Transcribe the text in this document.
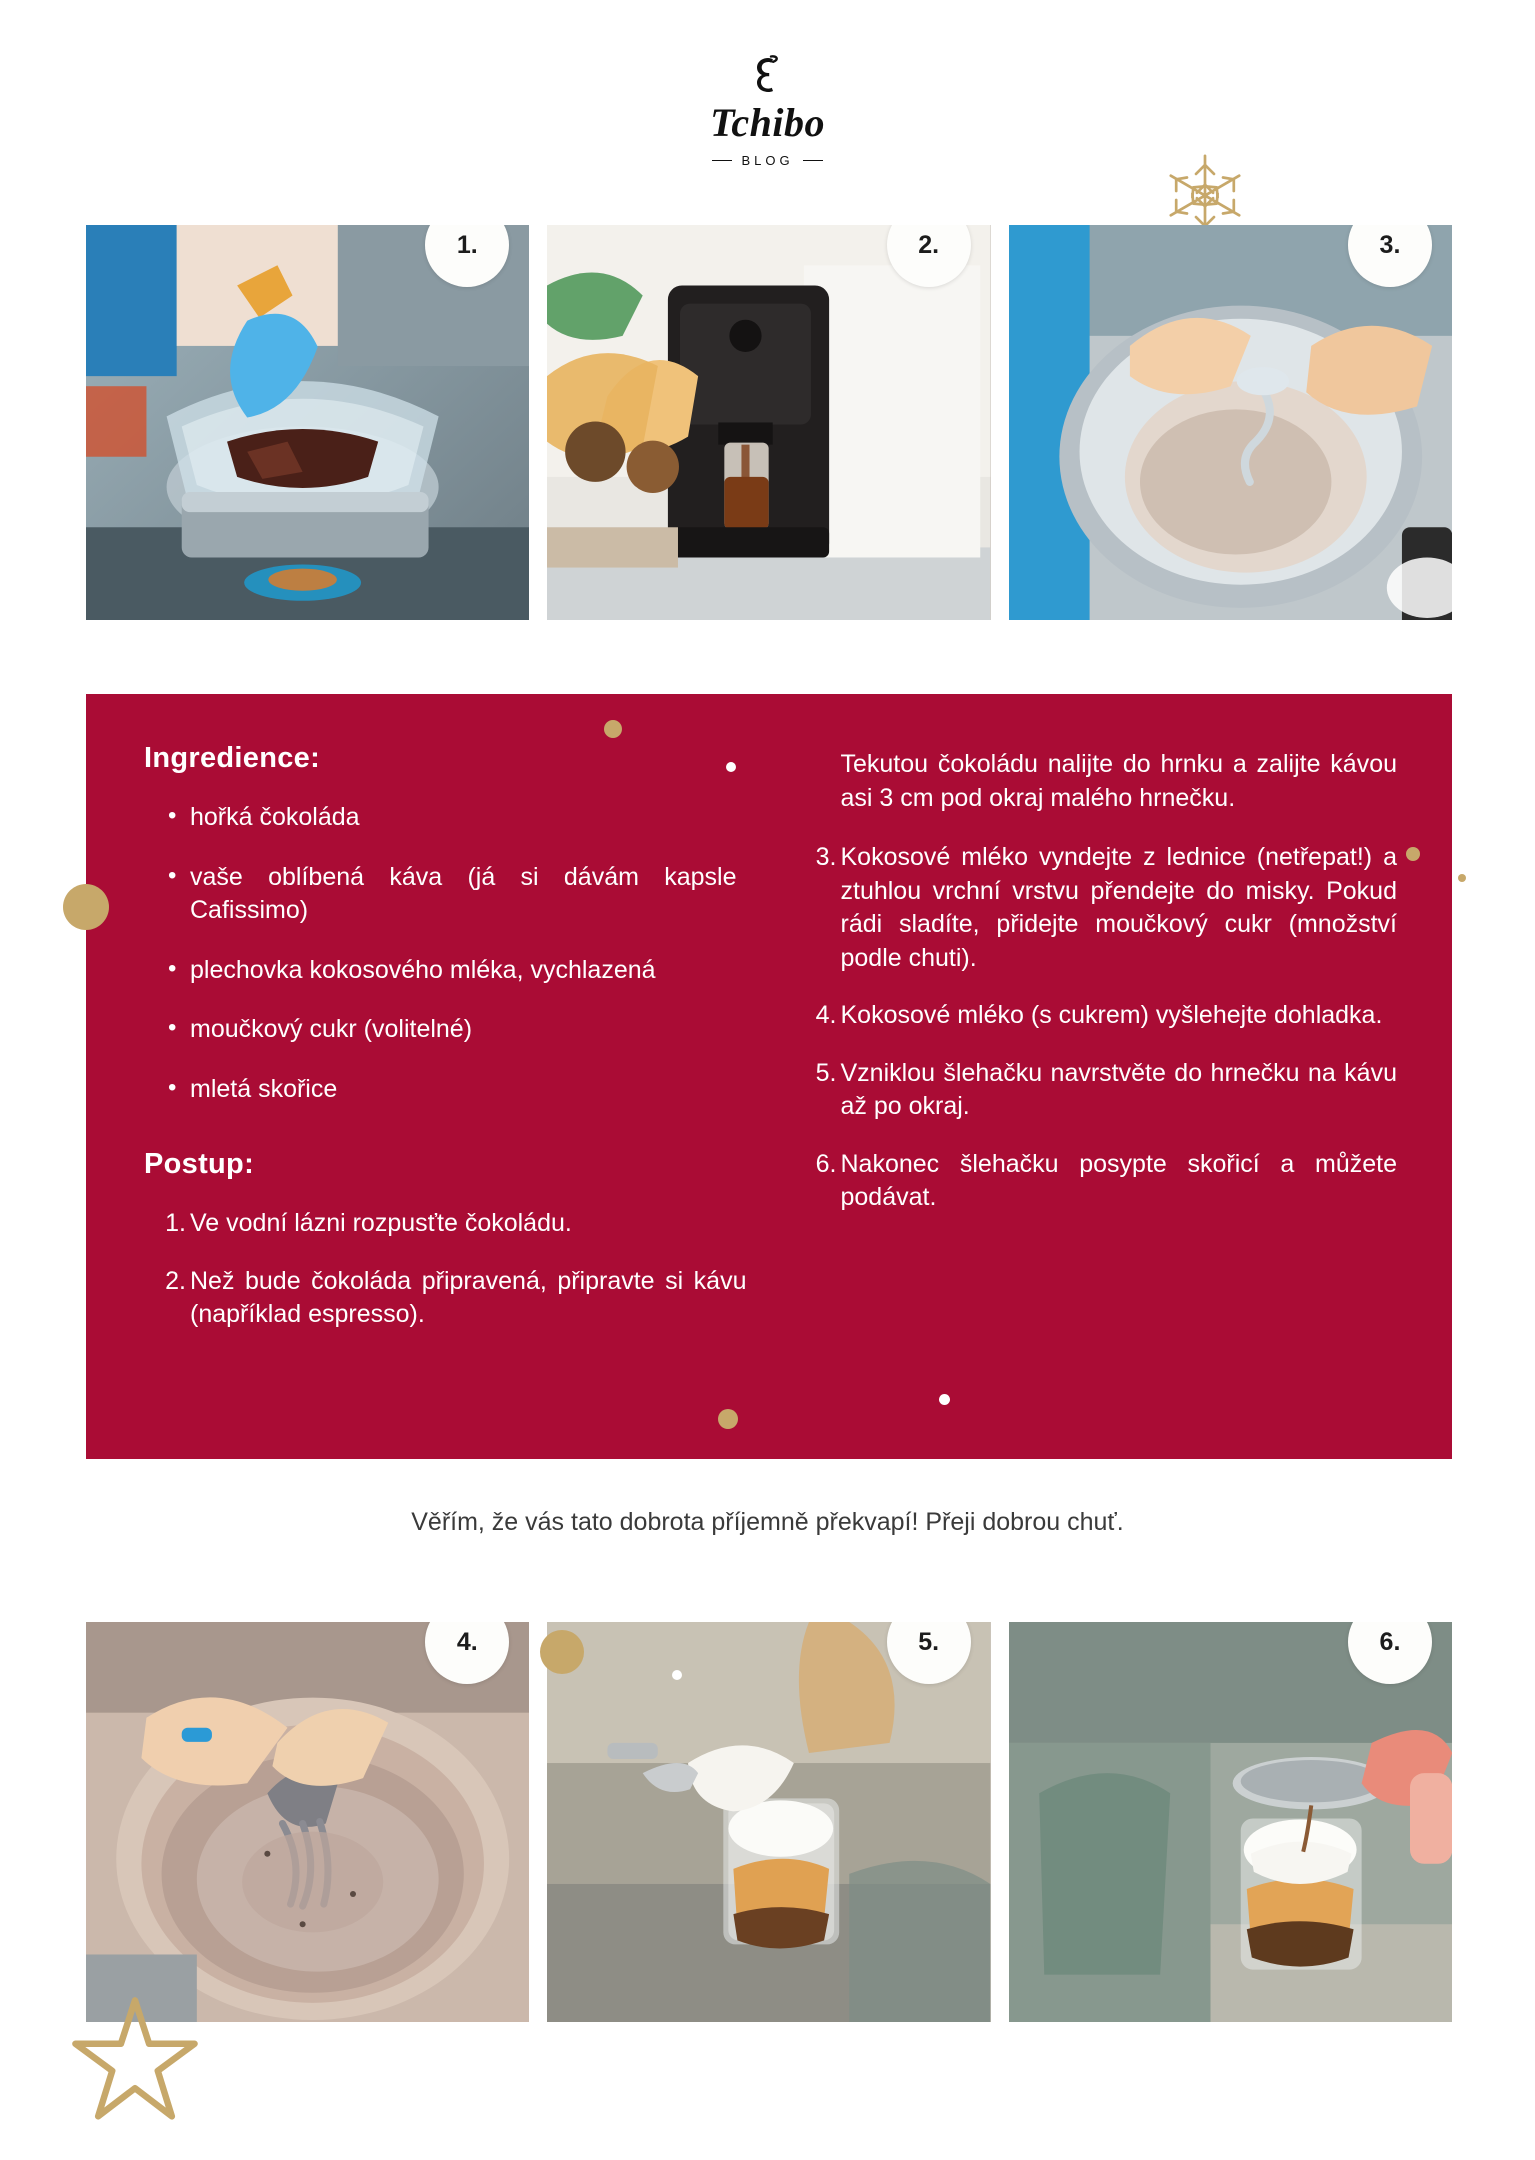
Tchibo
BLOG
1.	2.	3.
Ingredience:
• hořká čokoláda
• vaše oblíbená káva (já si dávám kapsle Cafissimo)
• plechovka kokosového mléka, vychlazená
• moučkový cukr (volitelné)
• mletá skořice
Postup:
Ve vodní lázni rozpusťte čokoládu.
Než bude čokoláda připravená, připravte si kávu (například espresso).

Tekutou čokoládu nalijte do hrnku a zalijte kávou asi 3 cm pod okraj malého hrnečku.

Kokosové mléko vyndejte z lednice (netřepat!) a ztuhlou vrchní vrstvu přendejte do misky. Pokud rádi sladíte, přidejte moučkový cukr (množství podle chuti).
Kokosové mléko (s cukrem) vyšlehejte dohladka.
Vzniklou šlehačku navrstvěte do hrnečku na kávu až po okraj.
Nakonec šlehačku posypte skořicí a můžete podávat.
Věřím, že vás tato dobrota příjemně překvapí! Přeji dobrou chuť.
4.	5.	6.
